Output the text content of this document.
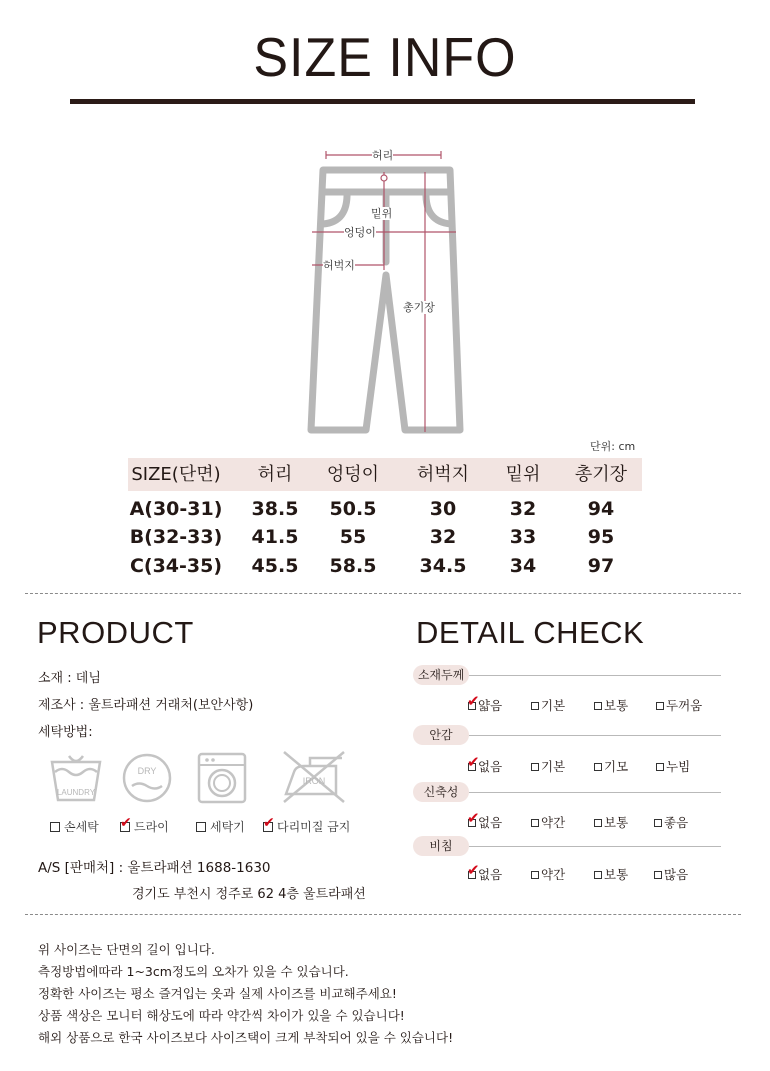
SIZE INFO
허리
밑위
엉덩이
허벅지
총기장
단위: cm
SIZE(단면)	허리	엉덩이	허벅지	밑위	총기장
A(30-31)	38.5	50.5	30	32	94
B(32-33)	41.5	55	32	33	95
C(34-35)	45.5	58.5	34.5	34	97
PRODUCT
소재 : 데님
제조사 : 울트라패션 거래처(보안사항)
세탁방법:
LAUNDRY
DRY
IRON
손세탁 ✔ 드라이	세탁기 ✔ 다리미질 금지
A/S [판매처] : 울트라패션 1688-1630
경기도 부천시 정주로 62 4층 울트라패션
DETAIL CHECK
소재두께
✔
얇음	기본	보통	두꺼움
안감
✔
없음	기본	기모	누빔
신축성
✔
없음	약간	보통	좋음
비침
✔
없음	약간	보통	많음
위 사이즈는 단면의 길이 입니다.
측정방법에따라 1~3cm정도의 오차가 있을 수 있습니다.
정확한 사이즈는 평소 즐겨입는 옷과 실제 사이즈를 비교해주세요!
상품 색상은 모니터 해상도에 따라 약간씩 차이가 있을 수 있습니다!
해외 상품으로 한국 사이즈보다 사이즈택이 크게 부착되어 있을 수 있습니다!
